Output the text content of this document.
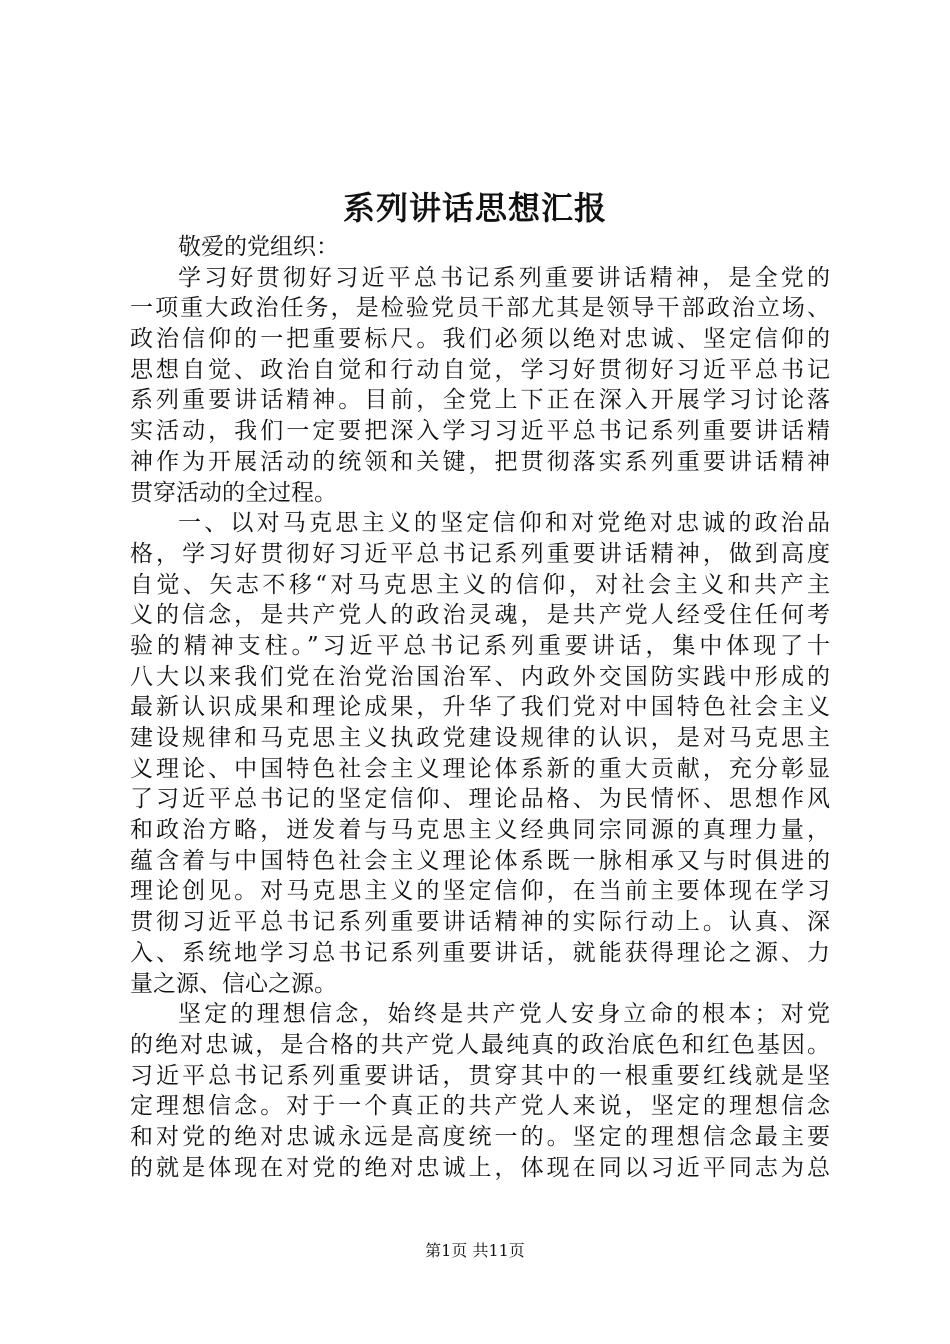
系列讲话思想汇报
敬爱的党组织：
学习好贯彻好习近平总书记系列重要讲话精神，是全党的
一项重大政治任务，是检验党员干部尤其是领导干部政治立场、
政治信仰的一把重要标尺。我们必须以绝对忠诚、坚定信仰的
思想自觉、政治自觉和行动自觉，学习好贯彻好习近平总书记
系列重要讲话精神。目前，全党上下正在深入开展学习讨论落
实活动，我们一定要把深入学习习近平总书记系列重要讲话精
神作为开展活动的统领和关键，把贯彻落实系列重要讲话精神
贯穿活动的全过程。
一、以对马克思主义的坚定信仰和对党绝对忠诚的政治品
格，学习好贯彻好习近平总书记系列重要讲话精神，做到高度
自觉、矢志不移“对马克思主义的信仰，对社会主义和共产主
义的信念，是共产党人的政治灵魂，是共产党人经受住任何考
验的精神支柱。”习近平总书记系列重要讲话，集中体现了十
八大以来我们党在治党治国治军、内政外交国防实践中形成的
最新认识成果和理论成果，升华了我们党对中国特色社会主义
建设规律和马克思主义执政党建设规律的认识，是对马克思主
义理论、中国特色社会主义理论体系新的重大贡献，充分彰显
了习近平总书记的坚定信仰、理论品格、为民情怀、思想作风
和政治方略，迸发着与马克思主义经典同宗同源的真理力量，
蕴含着与中国特色社会主义理论体系既一脉相承又与时俱进的
理论创见。对马克思主义的坚定信仰，在当前主要体现在学习
贯彻习近平总书记系列重要讲话精神的实际行动上。认真、深
入、系统地学习总书记系列重要讲话，就能获得理论之源、力
量之源、信心之源。
坚定的理想信念，始终是共产党人安身立命的根本；对党
的绝对忠诚，是合格的共产党人最纯真的政治底色和红色基因。
习近平总书记系列重要讲话，贯穿其中的一根重要红线就是坚
定理想信念。对于一个真正的共产党人来说，坚定的理想信念
和对党的绝对忠诚永远是高度统一的。坚定的理想信念最主要
的就是体现在对党的绝对忠诚上，体现在同以习近平同志为总
第1页 共11页
